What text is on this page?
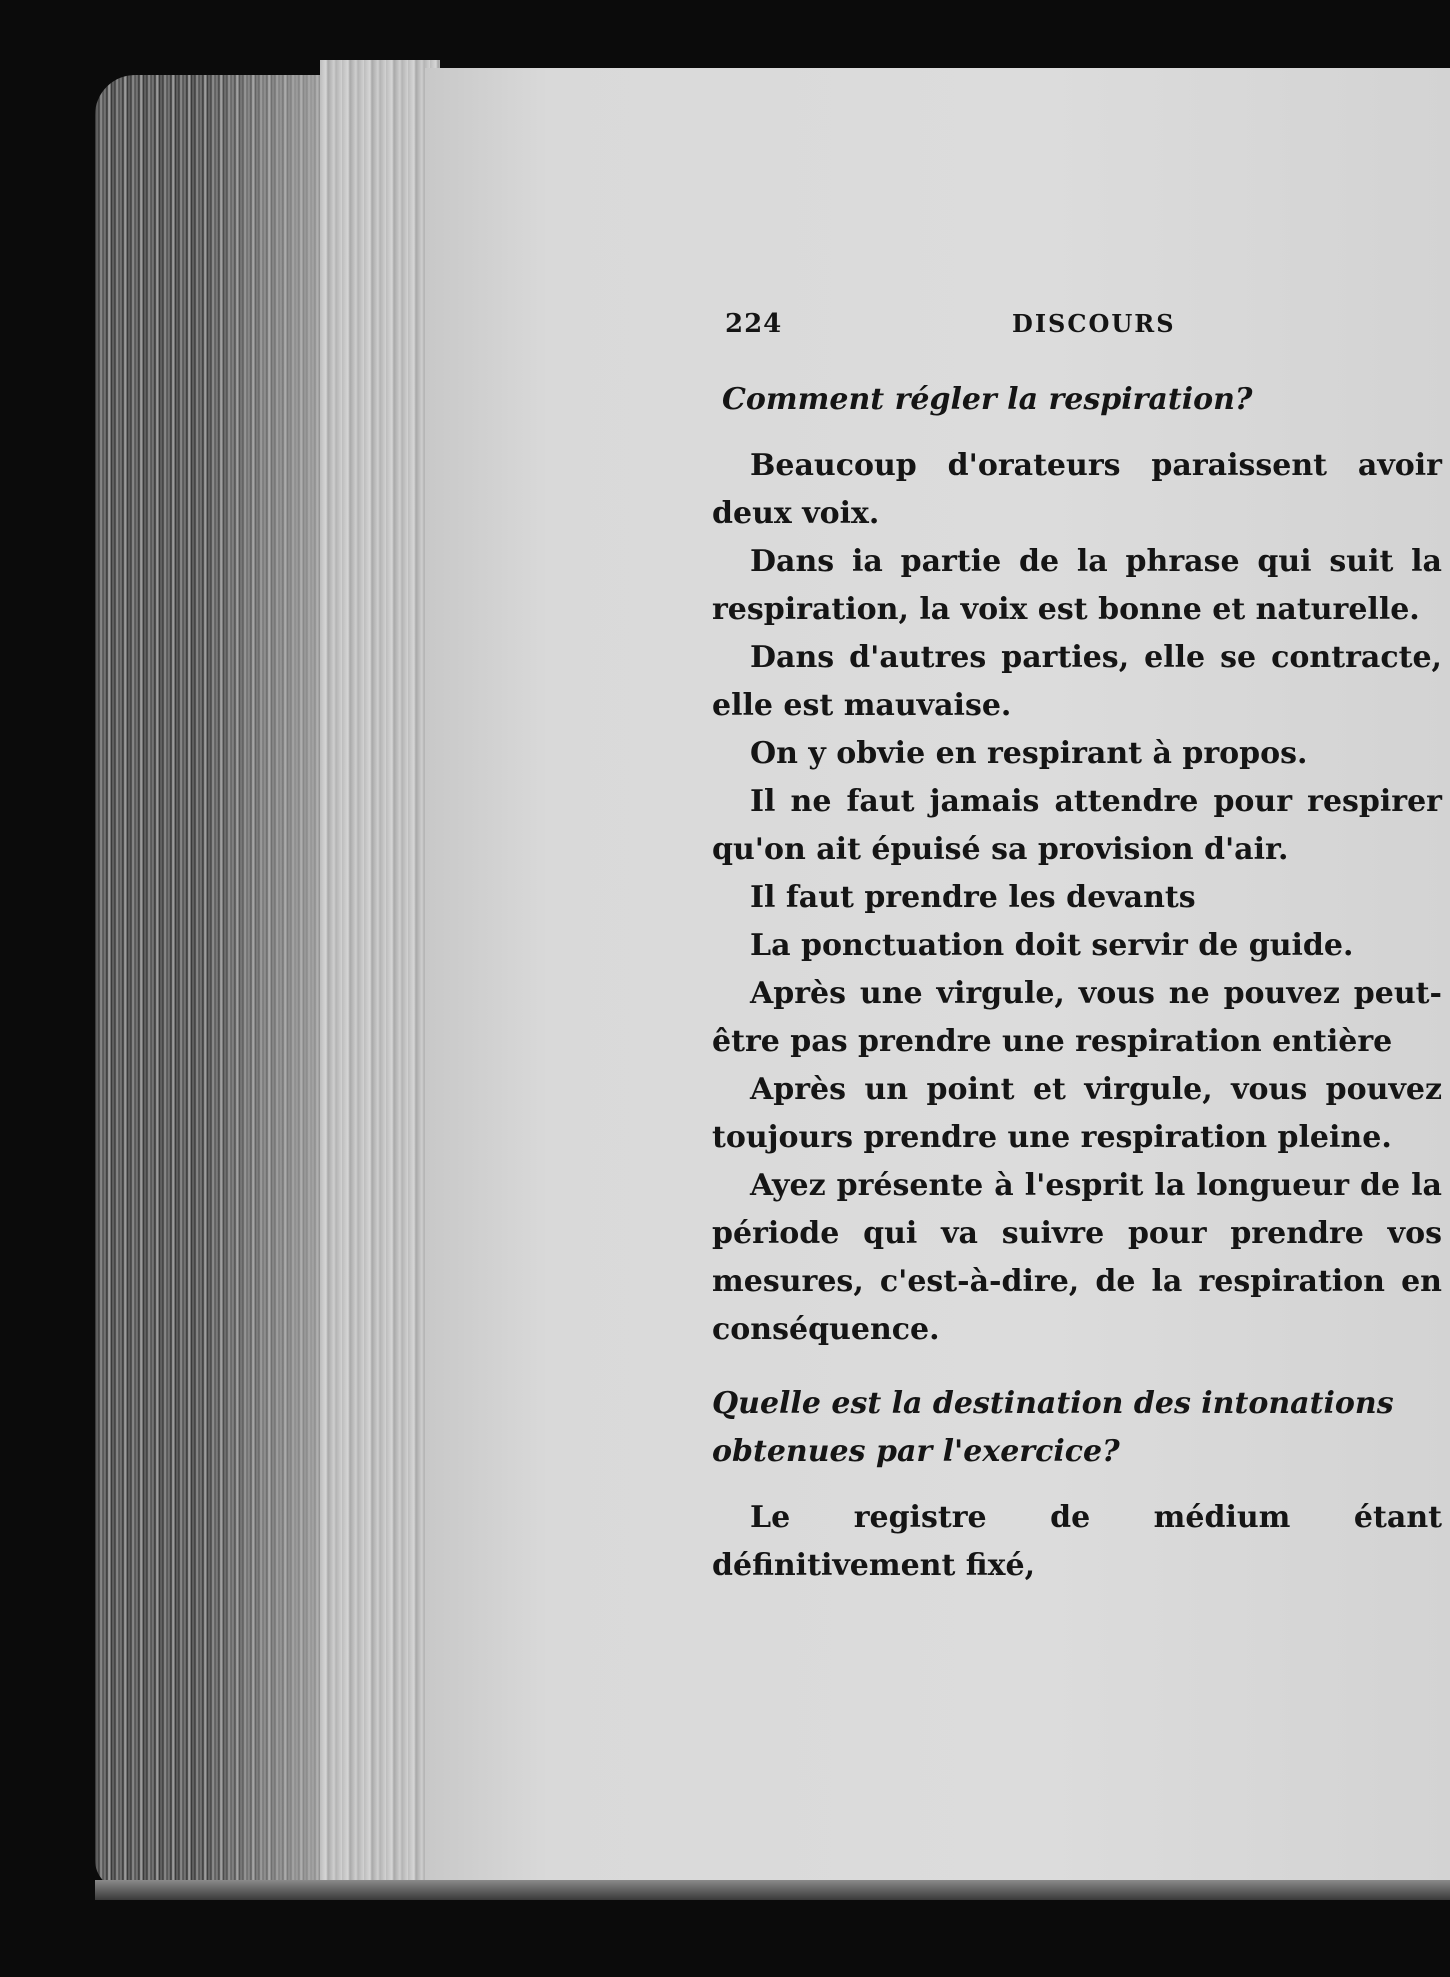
224	DISCOURS

Comment régler la respiration?

Beaucoup d'orateurs paraissent avoir deux voix.

Dans ia partie de la phrase qui suit la respiration, la voix est bonne et naturelle.

Dans d'autres parties, elle se contracte, elle est mauvaise.

On y obvie en respirant à propos.

Il ne faut jamais attendre pour respirer qu'on ait épuisé sa provision d'air.

Il faut prendre les devants

La ponctuation doit servir de guide.

Après une virgule, vous ne pouvez peut-être pas prendre une respiration entière

Après un point et virgule, vous pouvez toujours prendre une respiration pleine.

Ayez présente à l'esprit la longueur de la période qui va suivre pour prendre vos mesures, c'est-à-dire, de la respiration en conséquence.

Quelle est la destination des intonations obtenues par l'exercice?

Le registre de médium étant définitivement fixé,
